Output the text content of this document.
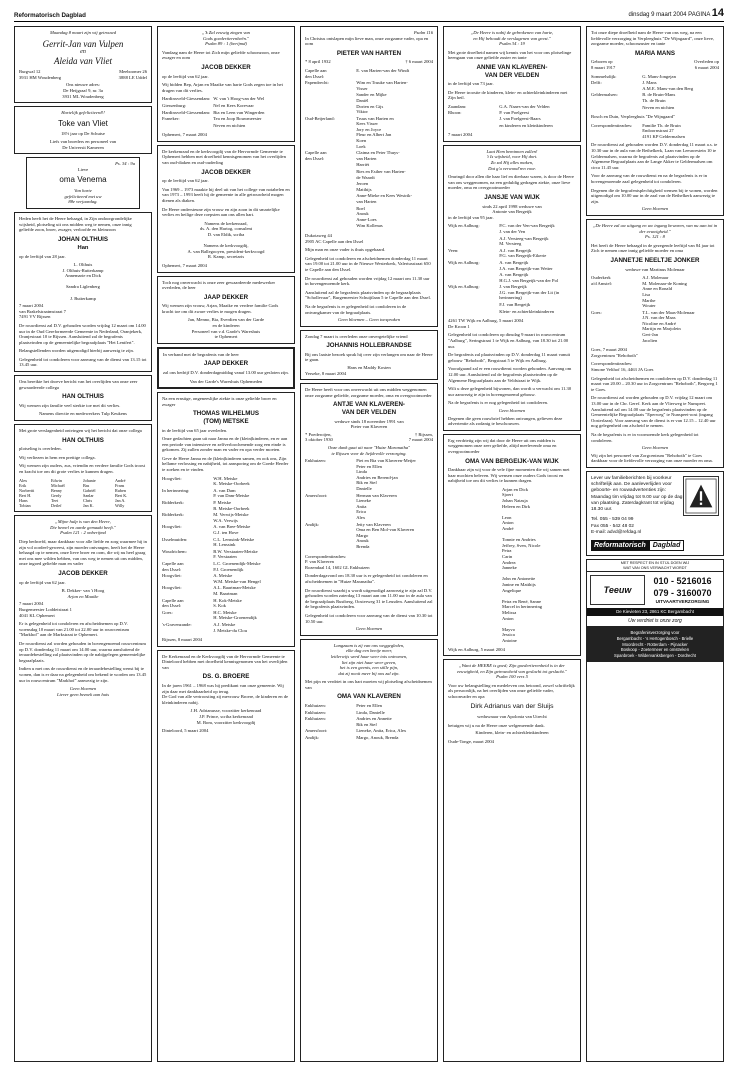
Reformatorisch Dagblad	dinsdag 9 maart 2004 PAGINA 14
Maandag 8 maart zijn wij getrouwd
Gerrit-Jan van Vulpen
en
Aleida van Vliet
Burgwal 12
3931 HM Woudenberg
Meeboomer 26
3888 LE Uddel
Ons nieuwe adres:
De Heijgraaf 9, nr. 3a
3931 ML Woudenberg
Hartelijk gefeliciteerd!!
Toke van Vliet
18½ jaar op De Schutse
Liefs van broeders en personeel van
De Universit Kameren
Ps. 34 : 9a
Lieve
oma Venema
Van harte
gefeliciteerd met uw
88e verjaardag.
Heden heeft het de Heere behaagd, in Zijn ondoorgrondelijke wijsheid, plotseling uit ons midden weg te nemen, onze innig geliefde zoon, broer, zwager, verloofde en kleinzoon
JOHAN OLTHUIS
Han
op de leeftijd van 28 jaar.
L. Olthuis
J. Olthuis-Rutterkamp
Annemarie en Dick

Sandra Liglenberg

J. Butterkamp
7 maart 2004
van Brakelstraatmstraat 7
7491 VV Rijssen
De rouwdienst zal D.V. gehouden worden vrijdag 12 maart om 14.00 uur in de Oud Gereformeerde Gemeente in Nederland, Oranjekerk, Oranjestraat 10 te Rijssen. Aansluitend zal de begrafenis plaatsvinden op de gemeentelijke begraafplaats "Het Lentfert".
Belangstellenden worden uitgenodigd hierbij aanwezig te zijn.
Gelegenheid tot condoleren voor aanvang van de dienst van 13.15 tot 13.45 uur.
Ons bereikte het droeve bericht van het overlijden van onze zeer gewaardeerde collega
HAN OLTHUIS
Wij wensen zijn familie veel sterkte toe met dit verlies.
Namens directie en medewerkers Tulp Keukens
Met grote verslagenheid ontvingen wij het bericht dat onze collega
HAN OLTHUIS
plotseling is overleden.
Wij verliezen in hem een prettige collega.
Wij wensen zijn ouders, zus, vriendin en verdere familie Gods troost en kracht toe om dit grote verlies te kunnen dragen.
Alex	Edwin	Johanie	André
Erik	Michaël	Bas	Frans
Norbertti	Benny	Gabriël	Ruben
Bert H.	Gerdy	Sanlar	Bert K.
Hans	Teet	Chris	Jan A.
Tobian	Detlef	Jan K.	Willy
„Mijne hulp is van den Heere,
Die hemel en aarde gemaakt heeft."
Psalm 121 : 2 onberijmd
Diep bedroefd, maar dankbaar voor alle liefde en zorg waarmee hij in zijn vol oordeel-geweest, zijn moeder ontvangen, heeft het de Heere behaagd op te nemen, onze lieve broer en oom, die wij nu heel graag met ons mee wilden hebben, van ons weg te nemen uit ons midden, onze ingoed geliefde man en vader
JACOB DEKKER
op de leeftijd van 62 jaar.
B. Dekker- van 't Hoog
Arjan en Maaike
7 maart 2004
Burgemeester Loddeistraat 1
4041 KL Ophemert
Er is gelegenheid tot condoleren en afscheidnemen op D.V. woensdag 10 maart van 21.00 tot 22.00 uur in rouwcentrum "Markhof" aan de Markstraat te Ophemert.
De rouwdienst zal worden gehouden in bovengenoemd rouwcentrum op D.V. donderdag 11 maart om 14.00 uur, waarna aansluitend de teraardebestelling zal plaatsvinden op de nabijgelegen gemeentelijke begraafplaats.
Indien u met ons de rouwdienst en de teraardebestelling wenst bij te wonen, dan is er daar na gelegenheid om bekend te worden om 13.45 uur in rouwcentrum "Markhof" aanwezig te zijn.
Geen bloemen
Liever geen bezoek aan huis
„'k Zal eeuwig zingen van
Gods goedertierenheên."
Psalm 89 : 1 (berijmd)
Vandaag nam de Heere tot Zich mijn geliefde schoonzoon, onze zwager en oom
JACOB DEKKER
op de leeftijd van 62 jaar.
Wij bidden Bep, Arjan en Maaike van harte Gods zegen toe in het dragen van dit verlies.
Hardinxveld-Giessendam: W. van 't Hoog-van der Wel
Giessenburg:	Nel en Kees Korevaar
Hardinxveld-Giessendam: Bia en Leen van Wingerden
Franeker:	Tea en Joop Bouwmeester
Neven en nichten
Ophemert, 7 maart 2004
De kerkenraad en de kerkvoogdij van de Hervormde Gemeente te Ophemert hebben met droefheid kennisgenomen van het overlijden van oud-diaken en oud-ouderling
JACOB DEKKER
op de leeftijd van 62 jaar.
Van 1969 – 1973 maakte hij deel uit van het college van notabelen en van 1973 – 1993 heeft hij de gemeente in alle getrouwheid mogen dienen als diaken.
De Heere ondersteune zijn vrouw en zijn zoon in dit smartelijke verlies en heilige deze roepsten aan ons allen hart.
Namens de kerkenraad,
ds. A. den Hartog, consulent
D. van Eldik, scriba

Namens de kerkvoogdij,
A. van Ballegooyen, president-kerkvoogd
R. Kamp, secretaris
Ophemert, 7 maart 2004
Toch nog onverwacht is onze zeer gewaardeerde medewerker overleden, de heer
JAAP DEKKER
Wij wensen zijn vrouw, Arjan, Maaike en verdere familie Gods kracht toe om dit zware verlies te mogen dragen.
Jan, Menno, Bia, Everdien van der Garde
en de kinderen
Personeel van v.d. Garde's Wareshuis
te Ophemert
In verband met de begrafenis van de heer
JAAP DEKKER
zal ons bedrijf D.V. donderdagmiddag vanaf 13.00 uur gesloten zijn.
Van der Garde's Wareshuis Ophemeden
Na een ernstige, ongeneeslijke ziekte is onze geliefde broer en zwager
THOMAS WILHELMUS
(TOM) METSKE
in de leeftijd van 65 jaar overleden.
Onze gedachten gaan uit naar Janna en de (klein)kinderen, en er aan een periode van intensieve en zelfverloochenende zorg een einde is gekomen. Zij zullen zonder man en vader en opa verder moeten.
Geve de Heere Janna en de (klein)kinderen samen, en ook ons, Zijn hellame verlossing en nabijheid, tot aansporing om de Goede Herder te zoeken en te vinden.
Hoogvliet:	W.H. Metske
K. Metske-Oorbeek
In herinnering:	A. van Dam
P. van Dam-Metske
Ridderkerk:	P. Metske
B. Metske-Oorbeek
Ridderkerk:	M. Verwijs-Metske
W.A. Verwijs
Hoogvliet:	A. van Bree-Metske
G.J. ten Hove
IJsselmuiden:	C.L. Lenssink-Metske
H. Lenssink
Woudrichem:	B.W. Verstaaten-Metske
F. Verstaaten
Capelle aan
den IJssel:
L.C. Groenendijk-Metske
P.J. Groenendijk
Hoogvliet:	A. Metske
W.M. Metske-van Hengel
Hoogvliet:	A.L. Baartman-Metske
M. Baartman
Capelle aan
den IJssel:
H. Kok-Metske
S. Kok
Goes:	H.C. Metske
H. Metske-Groenendijk
's-Gravenzande:	A.J. Metske
J. Metske-du Clou
Rijssen, 8 maart 2004
De Kerkenraad en de Kerkvoogdij van de Hervormde Gemeente te Dinteloord hebben met droefheid kennisgenomen van het overlijden van
DS. G. BROERE
In de jaren 1961 – 1968 was hij predikant van onze gemeente. Wij zijn daar met dankbaarheid op terug.
De God van alle vertroosting zij mevrouw Broere, de kinderen en de kleinkinderen nabij.
J.H. Adrianusse, voorzitter kerkenraad
J.P. Prince, scriba kerkenraad
M. Bom, voorzitter kerkvoogdij
Dinteloord, 5 maart 2004
Psalm 116
In Christus ontslapen mijn lieve man, onze zorgzame vader, opa en oom
PIETER VAN HARTEN
* 8 april 1932	† 6 maart 2004
Capelle aan
den IJssel:
E. van Harten-van der Windt
Papendrecht:	Wim en Truuke van Harten-
Visser
Sander en Mijke
Daniël
Dorien en Gijs
Viktor
Oud-Beijerland:	Truus van Harten en
Kees Visser
Jory en Joyce
Fleur en Albert Jan
Koen
Loek
Capelle aan
den IJssel:
Claima en Peter Thuys-
van Harten
Harriët
Ries en Esther van Harten-
de Waardt
Jeroen
Matthijs
Anne-Mieke en Kees Westrik-
van Harten
Roel
Anouk
Anne-Loes
Wim Kollenas
Dukotaweg 44
2905 AC Capelle aan den IJssel
Mijn man en onze vader is thuis opgebaard.
Gelegenheid tot condoleren en afscheidnemen donderdag 11 maart van 19.00 tot 21.00 uur in de Nieuwe Westerkerk, Valeriusstraat 650 te Capelle aan den IJssel.
De rouwdienst zal gehouden worden vrijdag 12 maart om 11.30 uur in bovengenoemde kerk.
Aansluitend zal de begrafenis plaatsvinden op de begraafplaats "Schollevaar", Burgemeester Schuijtlaan 5 te Capelle aan den IJssel.
Na de begrafenis is er gelegenheid tot condoleren in de ontvangkamer van de begraafplaats.
Geen bloemen – Geen toespraken
Zondag 7 maart is overleden onze onvergetelijke vriend
JOHANNIS HOLLEBRANDSE
Bij ons laatste bezoek sprak hij over zijn verlangen om naar de Heere te gaan.
Hans en Maddy Kosten
Yerseke, 8 maart 2004
De Heere heeft voor ons onverwacht uit ons midden weggenomen onze zorgzame geliefde, zorgzame moeder, oma en overgrootmoeder
ANTJE VAN KLAVEREN-
VAN DER VELDEN
weduwe sinds 18 november 1991 van
Pieter van Klaveren
* Poederoijen,
3 oktober 1930
† Rijssen,
7 maart 2004
Onze dank gaat uit naar "Huize Maranatha"
te Rijssen voor de liefdevolle verzorging.
Enkhuizen:	Piet en Bia van Klaveren-Metjer
Peter en Ellen
Linda
Andries en Berend-jan
Rik en Stef
Danielle
Amersfoort:	Herman van Klaveren
Lieneke
Anita
Erica
Alex
Andijk:	Jetty van Klaveren
Oma en Ben Mol-van Klaveren
Margo
Anouk
Brenda
Correspondentieadres:
P. van Klaveren
Rozendaal 14, 1602 GL Enkhuizen
Donderdagavond om 18.30 uur is er gelegenheid tot condoleren en afscheidnemen in "Huize Maranatha".
De rouwdienst waarbij u wordt uitgenodigd aanwezig te zijn zal D.V. gehouden worden zaterdag 13 maart aan om 11.00 uur in de aula van de begraafplaats Rustberg, Oosterweg 31 te Leusden. Aansluitend zal de begrafenis plaatsvinden.
Gelegenheid tot condoleren voor aanvang van de dienst van 10.30 tot 10.50 uur.
Geen bloemen
Langzaam is zij van ons weggegleden,
elke dag een beetje meer,
lettlerwijs werd haar weer tots ontvomen,
liet zijn niet haar weer geven,
het is een geenis, een stille pijn,
dat zij nooit meer bij ons zal zijn.
Met pijn en verdriet in ons hart moeten wij plotseling afscheidnemen van
OMA VAN KLAVEREN
Enkhuizen:	Peter en Ellen
Enkhuizen:	Linda, Danielle
Enkhuizen:	Andries en Annette
Rik en Stef
Amersfoort:	Lieneke, Anita, Erica, Alex
Andijk:	Margo, Anouk, Brenda
„De Heere is nabij de gebrokenen van harte,
en Hij behoudt de verslagenen van geest."
Psalm 34 : 19
Met grote droefheid namen wij kennis van het voor ons plotselinge heengaan van onze geliefde zuster en tante
ANNIE VAN KLAVEREN-
VAN DER VELDEN
in de leeftijd van 73 jaar.
De Heere troostte de kinderen, klein- en achterkleinkinderen met Zijn heil.
Zaandam:	G.A. Naaes-van der Velden
Rhoon:	P. van Poelgeest
J. van Poelgeest-Baars
en kinderen en kleinkinderen
7 maart 2004
Laat Hem beminnen zullen!
't Is wijsheid, voor Hij dort.
Zo zal Hij alles maken,
Dat g'u verwond'ren voor.
Omringd door allen die haar lief en dierbaar waren, is door de Heere van ons weggenomen, na een geduldig gedragen ziekte, onze lieve moeder, oma en overgrootmoeder
JANSJE VAN WIJK
sinds 22 april 1998 weduwe van
Antonie van Bergeijk
in de leeftijd van 95 jaar.
Wijk en Aalburg:	P.C. van der Ven-van Bergeijk
J. van der Ven
A.J. Versteeg-van Bergeijk
M. Versteeg
Veen:	A.J. van Bergeijk
P.G. van Bergeijk-Eikerie
Wijk en Aalburg:	A. van Bergeijk
J.A. van Bergeijk-van Wetter
A. van Bergeijk
H.G.J. van Bergeijk-van der Pol
Wijk en Aalburg:	J. van Bergeijk
J.G. van Bergeijk-van der Lit (in herinnering)
F.J. van Bergeijk
Klein- en achterkleinkinderen
4261 TW Wijk en Aalburg, 5 maart 2004
De Kroon 1
Gelegenheid tot condoleren op dinsdag 9 maart in rouwcentrum "Aalburg", Seringstraat 1 te Wijk en Aalburg, van 18.30 tot 21.00 uur.
De begrafenis zal plaatsvinden op D.V. donderdag 11 maart vanuit gebouw "Rehoboth", Bergstraat 5 te Wijk en Aalburg.
Voorafgaand zal er een rouwdienst worden gehouden. Aanvang om 12.00 uur. Aansluitend zal de begrafenis plaatsvinden op de Algemene Begraafplaats aan de Veldstraat te Wijk.
Wilt u deze gelegenheid bijwonen, dan wordt u verwacht om 11.30 uur aanwezig te zijn in bovengenoemd gebouw.
Na de begrafenis is er nog gelegenheid tot condoleren.
Geen bloemen
Degenen die geen rouwbrief hebben ontvangen, gelieven deze advertentie als zodanig te beschouwen.
Erg verdrietig zijn wij dat door de Heere uit ons midden is weggenomen onze zeer geliefde, altijd meelevende oma en overgrootmoeder
OMA VAN BERGEIJK-VAN WIJK
Dankbaar zijn wij voor de vele fijne momenten die wij samen met haar mochten beleven. Wij wensen onze ouders Gods troost en nabijheid toe om dit verlies te kunnen dragen.
Arjan en Dick
Sjoert
Johan Natasja
Heleen en Dirk

Leon
Anton
André

Tonnie en Andries
Jeffrey, Sven, Nicole
Petra
Carin
Andrea
Janneke

John en Antonette
Janine en Matthijs
Angelique

Petra en René, Sanne
Marcel in herinnering
Melissa
Anton

Mayvo
Jessica
Antoine
Wijk en Aalburg, 5 maart 2004
„Want de HEERE is goed; Zijn goedertierenheid is in der eeuwigheid, en Zijn getrouwheid van geslacht tot geslacht."
Psalm 100 vers 5
Voor uw belangstelling en medeleven ons betoond, zowel schriftelijk als persoonlijk, na het overlijden van onze geliefde vader, schoonvader en opa
Dirk Adrianus van der Sluijs
weduwnaar van Apolonia van Utrecht
betuigen wij u na de Heere onze welgemeende dank.
Kinderen, klein- en achterkleinkinderen
Oude-Tonge, maart 2004
Tot onze diepe droefheid nam de Heere van ons weg, na een liefdevolle verzorging in Verpleeghuis "De Wijngaard", onze lieve, zorgzame moeder, schoonzuster en tante
MARIA MANS
Geboren op
8 maart 1917
Overleden op
6 maart 2004
Sommelsdijk:	G. Mans-Jongejan
Delft:	J. Mans
A.M.E. Mans-van den Berg
Geldermalsen:	B. de Bruin-Mans
Th. de Bruin
Neven en nichten
Bosch en Duin, Verpleeghuis "De Wijngaard"
Correspondentieadres:	Familie Th. de Bruin
Endoornstraat 27
4191 KP Geldermalsen
De rouwdienst zal gehouden worden D.V. donderdag 11 maart a.s. te 10.30 uur in de aula van de Bethelkerk, Laan van Leeuwestein 10 te Geldermalsen, waarna de begrafenis zal plaatsvinden op de Algemene Begraafplaats aan de Lange Akker te Geldermalsen om circa 11.45 uur.
Voor de aanvang van de rouwdienst en na de begrafenis is er in bovengenoemde zaal gelegenheid tot condoleren.
Degenen die de begrafenisplechtigheid wensen bij te wonen, worden uitgenodigd om 10.00 uur in de zaal van de Bethelkerk aanwezig te zijn.
Geen bloemen
„De Heere zal uw uitgang en uw ingang bewaren, van nu aan tot in der eeuwigheid."
Ps. 121 : 8
Het heeft de Heere behaagd in de gezegende leeftijd van 84 jaar tot Zich te nemen onze innig geliefde moeder en oma
JANNETJE NEELTJE JONKER
weduwe van Martinus Molenaar
Ouderkerk
a/d Amstel:
A.J. Molenaar
M. Molenaar-de Koning
Anne en Ronald
Lisa
Marthe
Wouter
Goes:	T.L. van der Maas-Molenaar
J.N. van der Maas
Nicoline en André
Martijn en Marjolein
Gert-Jan
Jacolien
Goes, 7 maart 2004
Zorgcentrum "Rehoboth"
Correspondentieadres:
Simone Velthof 16, 4463 JA Goes
Gelegenheid tot afscheidnemen en condoleren op D.V. donderdag 11 maart van 20.00 – 20.30 uur in Zorgcentrum "Rehoboth", Bergweg 1 te Goes.
De rouwdienst zal worden gehouden op D.V. vrijdag 12 maart om 13.00 uur in de Chr. Geref. Kerk aan de Vlierweg te Nunspeet. Aansluitend zal om 14.00 uur de begrafenis plaatsvinden op de Gemeentelijke Begraafplaats "Eperweg" te Nunspeet-oost (ingang Oosterlaan). Voor aanvang van de dienst is er van 12.15 – 12.40 uur nog gelegenheid om afscheid te nemen.
Na de begrafenis is er in voornoemde kerk gelegenheid tot condoleren.
Geen bloemen
Wij zijn het personeel van Zorgcentrum "Rehoboth" te Goes dankbaar voor de liefdevolle verzorging van onze moeder en oma.
Lever uw familieberichten bij voorkeur schriftelijk aan. De aanleverlijden voor geboorte- en rouwadvertenties zijn: Maandag tim vrijdag tot 9.00 uur op de dag van plaatsing. Zaterdagkrant tot vrijdag 18.30 uur.
Tel. 055 - 539 04 99
Fax 055 - 542 48 02
E-mail: advd@refdag.nl
Reformatorisch	Dagblad
MET RESPECT EN IN STIJL DOEN WIJ
WAT VAN ONS VERWACHT WORDT
Teeuw
010 - 5216016
079 - 3160070
UITVAARTVERZORGING
De Kievieten 23, 2861 KC Bergambacht
Uw verdriet is onze zorg
Begrafenisverzorging voor
Bergambacht - 's Hertogenbosch - Brielle
Moordrecht - Rotterdam - Pijnacker
Boskoop - Zoetermeer en omstreken
Spanbroek - Wildervanksbergen - Dordrecht
